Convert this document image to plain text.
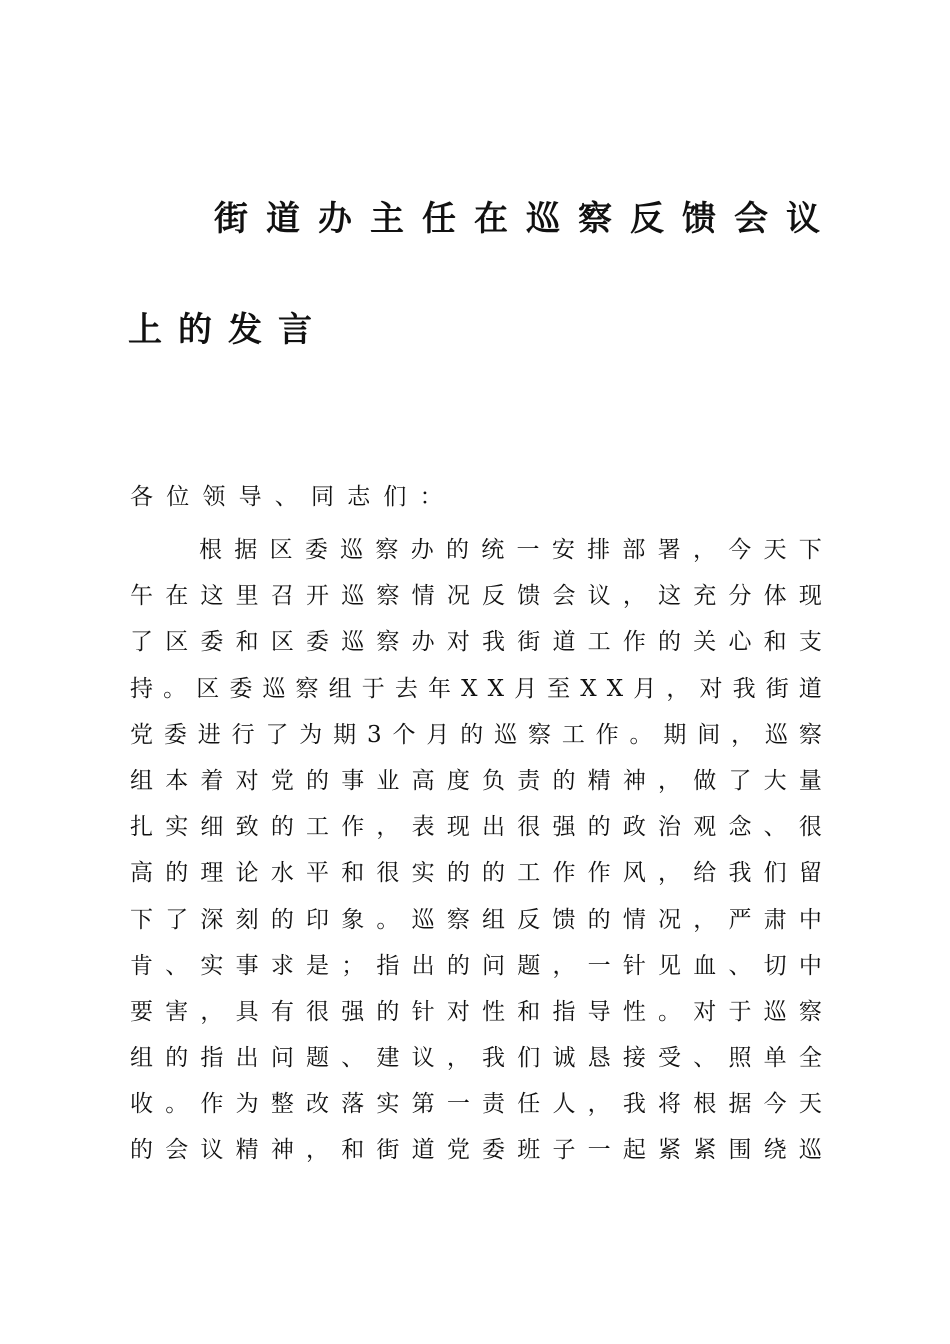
街 道 办 主 任 在 巡 察 反 馈 会 议
上的发言
各位领导、同志们：
根 据 区 委 巡 察 办 的 统 一 安 排 部 署 ， 今 天 下
午 在 这 里 召 开 巡 察 情 况 反 馈 会 议 ， 这 充 分 体 现
了 区 委 和 区 委 巡 察 办 对 我 街 道 工 作 的 关 心 和 支
持 。 区 委 巡 察 组 于 去 年 X X 月 至 X X 月 ， 对 我 街 道
党 委 进 行 了 为 期 3 个 月 的 巡 察 工 作 。 期 间 ， 巡 察
组 本 着 对 党 的 事 业 高 度 负 责 的 精 神 ， 做 了 大 量
扎 实 细 致 的 工 作 ， 表 现 出 很 强 的 政 治 观 念 、 很
高 的 理 论 水 平 和 很 实 的 的 工 作 作 风 ， 给 我 们 留
下 了 深 刻 的 印 象 。 巡 察 组 反 馈 的 情 况 ， 严 肃 中
肯 、 实 事 求 是 ； 指 出 的 问 题 ， 一 针 见 血 、 切 中
要 害 ， 具 有 很 强 的 针 对 性 和 指 导 性 。 对 于 巡 察
组 的 指 出 问 题 、 建 议 ， 我 们 诚 恳 接 受 、 照 单 全
收 。 作 为 整 改 落 实 第 一 责 任 人 ， 我 将 根 据 今 天
的 会 议 精 神 ， 和 街 道 党 委 班 子 一 起 紧 紧 围 绕 巡
